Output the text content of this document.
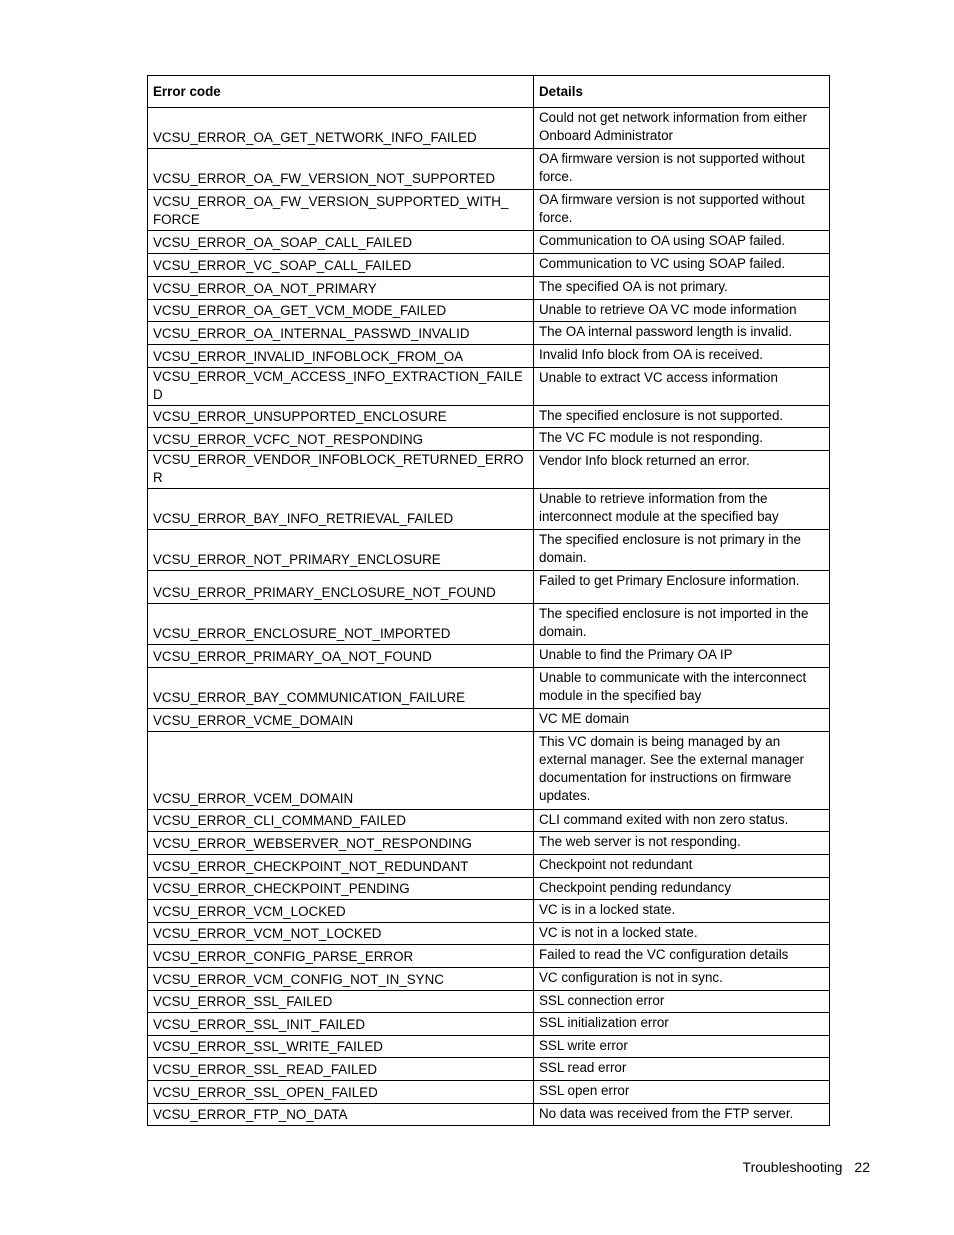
Error code	Details
VCSU_ERROR_OA_GET_NETWORK_INFO_FAILED	Could not get network information from either Onboard Administrator
VCSU_ERROR_OA_FW_VERSION_NOT_SUPPORTED	OA firmware version is not supported without force.
VCSU_ERROR_OA_FW_VERSION_SUPPORTED_WITH_ FORCE	OA firmware version is not supported without force.
VCSU_ERROR_OA_SOAP_CALL_FAILED	Communication to OA using SOAP failed.
VCSU_ERROR_VC_SOAP_CALL_FAILED	Communication to VC using SOAP failed.
VCSU_ERROR_OA_NOT_PRIMARY	The specified OA is not primary.
VCSU_ERROR_OA_GET_VCM_MODE_FAILED	Unable to retrieve OA VC mode information
VCSU_ERROR_OA_INTERNAL_PASSWD_INVALID	The OA internal password length is invalid.
VCSU_ERROR_INVALID_INFOBLOCK_FROM_OA	Invalid Info block from OA is received.
VCSU_ERROR_VCM_ACCESS_INFO_EXTRACTION_FAILED	Unable to extract VC access information
VCSU_ERROR_UNSUPPORTED_ENCLOSURE	The specified enclosure is not supported.
VCSU_ERROR_VCFC_NOT_RESPONDING	The VC FC module is not responding.
VCSU_ERROR_VENDOR_INFOBLOCK_RETURNED_ERROR	Vendor Info block returned an error.
VCSU_ERROR_BAY_INFO_RETRIEVAL_FAILED	Unable to retrieve information from the interconnect module at the specified bay
VCSU_ERROR_NOT_PRIMARY_ENCLOSURE	The specified enclosure is not primary in the domain.
VCSU_ERROR_PRIMARY_ENCLOSURE_NOT_FOUND	Failed to get Primary Enclosure information.
VCSU_ERROR_ENCLOSURE_NOT_IMPORTED	The specified enclosure is not imported in the domain.
VCSU_ERROR_PRIMARY_OA_NOT_FOUND	Unable to find the Primary OA IP
VCSU_ERROR_BAY_COMMUNICATION_FAILURE	Unable to communicate with the interconnect module in the specified bay
VCSU_ERROR_VCME_DOMAIN	VC ME domain
VCSU_ERROR_VCEM_DOMAIN	This VC domain is being managed by an external manager. See the external manager documentation for instructions on firmware updates.
VCSU_ERROR_CLI_COMMAND_FAILED	CLI command exited with non zero status.
VCSU_ERROR_WEBSERVER_NOT_RESPONDING	The web server is not responding.
VCSU_ERROR_CHECKPOINT_NOT_REDUNDANT	Checkpoint not redundant
VCSU_ERROR_CHECKPOINT_PENDING	Checkpoint pending redundancy
VCSU_ERROR_VCM_LOCKED	VC is in a locked state.
VCSU_ERROR_VCM_NOT_LOCKED	VC is not in a locked state.
VCSU_ERROR_CONFIG_PARSE_ERROR	Failed to read the VC configuration details
VCSU_ERROR_VCM_CONFIG_NOT_IN_SYNC	VC configuration is not in sync.
VCSU_ERROR_SSL_FAILED	SSL connection error
VCSU_ERROR_SSL_INIT_FAILED	SSL initialization error
VCSU_ERROR_SSL_WRITE_FAILED	SSL write error
VCSU_ERROR_SSL_READ_FAILED	SSL read error
VCSU_ERROR_SSL_OPEN_FAILED	SSL open error
VCSU_ERROR_FTP_NO_DATA	No data was received from the FTP server.
Troubleshooting 22
